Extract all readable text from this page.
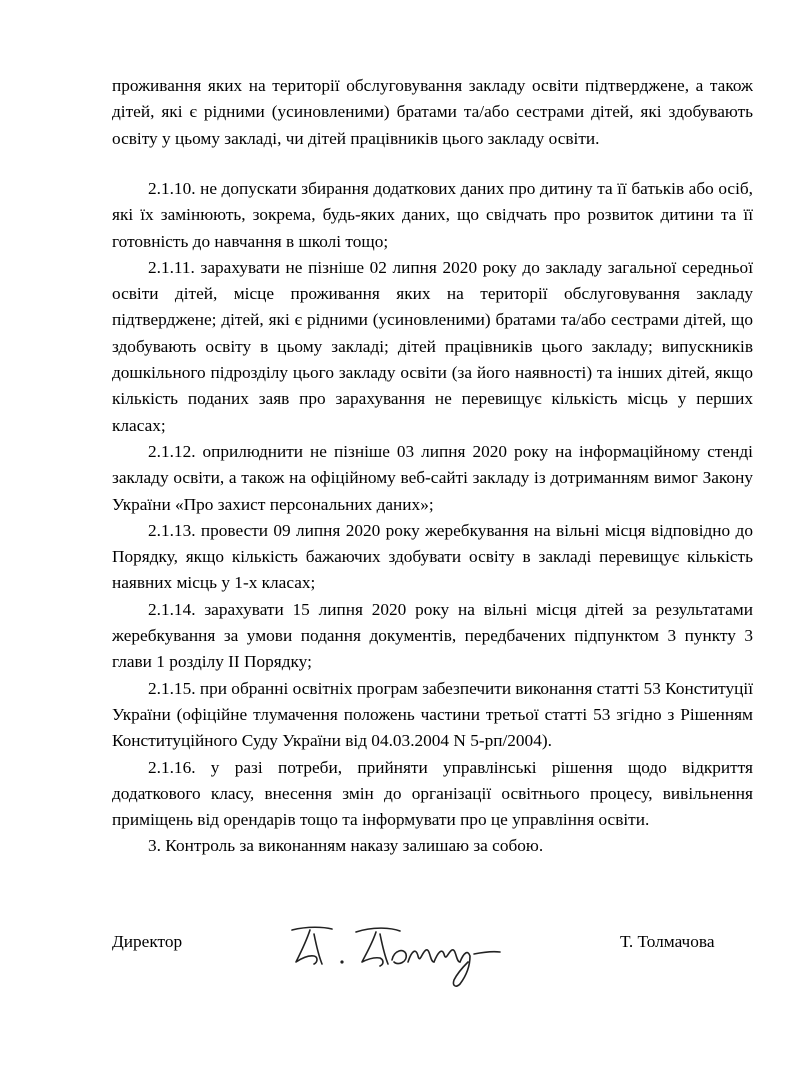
проживання яких на території обслуговування закладу освіти підтверджене, а також дітей, які є рідними (усиновленими) братами та/або сестрами дітей, які здобувають освіту у цьому закладі, чи дітей працівників цього закладу освіти.

2.1.10. не допускати збирання додаткових даних про дитину та її батьків або осіб, які їх замінюють, зокрема, будь-яких даних, що свідчать про розвиток дитини та її готовність до навчання в школі тощо;

2.1.11. зарахувати не пізніше 02 липня 2020 року до закладу загальної середньої освіти дітей, місце проживання яких на території обслуговування закладу підтверджене; дітей, які є рідними (усиновленими) братами та/або сестрами дітей, що здобувають освіту в цьому закладі; дітей працівників цього закладу; випускників дошкільного підрозділу цього закладу освіти (за його наявності) та інших дітей, якщо кількість поданих заяв про зарахування не перевищує кількість місць у перших класах;

2.1.12. оприлюднити не пізніше 03 липня 2020 року на інформаційному стенді закладу освіти, а також на офіційному веб-сайті закладу із дотриманням вимог Закону України «Про захист персональних даних»;

2.1.13. провести 09 липня 2020 року жеребкування на вільні місця відповідно до Порядку, якщо кількість бажаючих здобувати освіту в закладі перевищує кількість наявних місць у 1-х класах;

2.1.14. зарахувати 15 липня 2020 року на вільні місця дітей за результатами жеребкування за умови подання документів, передбачених підпунктом 3 пункту 3 глави 1 розділу ІІ Порядку;

2.1.15. при обранні освітніх програм забезпечити виконання статті 53 Конституції України (офіційне тлумачення положень частини третьої статті 53 згідно з Рішенням Конституційного Суду України від 04.03.2004 N 5-рп/2004).

2.1.16. у разі потреби, прийняти управлінські рішення щодо відкриття додаткового класу, внесення змін до організації освітнього процесу, вивільнення приміщень від орендарів тощо та інформувати про це управління освіти.

3. Контроль за виконанням наказу залишаю за собою.

Директор	Т. Толмачова
